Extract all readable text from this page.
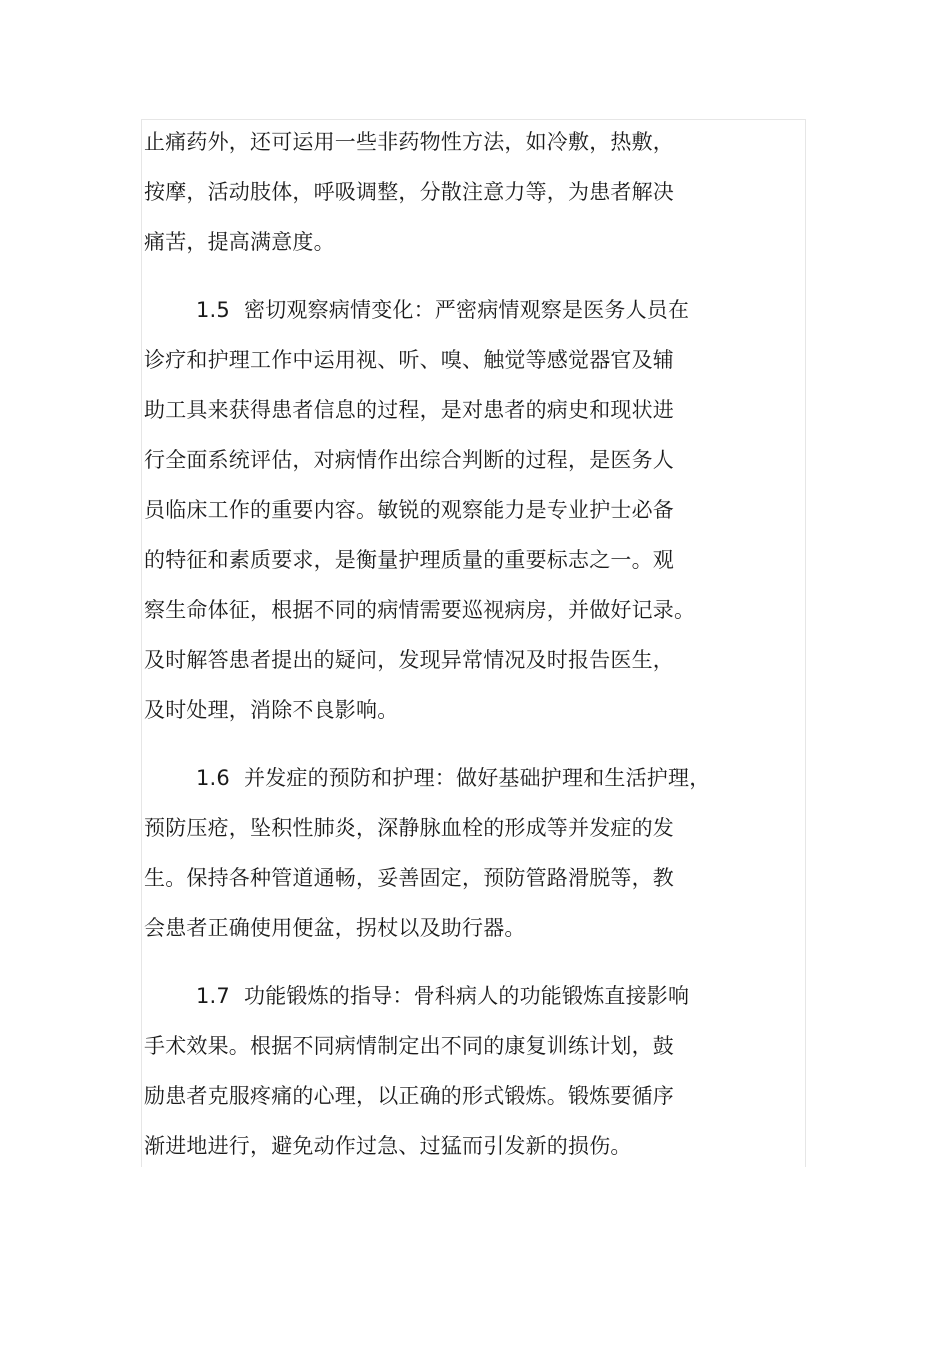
止痛药外，还可运用一些非药物性方法，如冷敷，热敷，
按摩，活动肢体，呼吸调整，分散注意力等，为患者解决
痛苦，提高满意度。
1.5 密切观察病情变化：严密病情观察是医务人员在
诊疗和护理工作中运用视、听、嗅、触觉等感觉器官及辅
助工具来获得患者信息的过程，是对患者的病史和现状进
行全面系统评估，对病情作出综合判断的过程，是医务人
员临床工作的重要内容。敏锐的观察能力是专业护士必备
的特征和素质要求，是衡量护理质量的重要标志之一。观
察生命体征，根据不同的病情需要巡视病房，并做好记录。
及时解答患者提出的疑问，发现异常情况及时报告医生，
及时处理，消除不良影响。
1.6 并发症的预防和护理：做好基础护理和生活护理，
预防压疮，坠积性肺炎，深静脉血栓的形成等并发症的发
生。保持各种管道通畅，妥善固定，预防管路滑脱等，教
会患者正确使用便盆，拐杖以及助行器。
1.7 功能锻炼的指导：骨科病人的功能锻炼直接影响
手术效果。根据不同病情制定出不同的康复训练计划，鼓
励患者克服疼痛的心理，以正确的形式锻炼。锻炼要循序
渐进地进行，避免动作过急、过猛而引发新的损伤。
